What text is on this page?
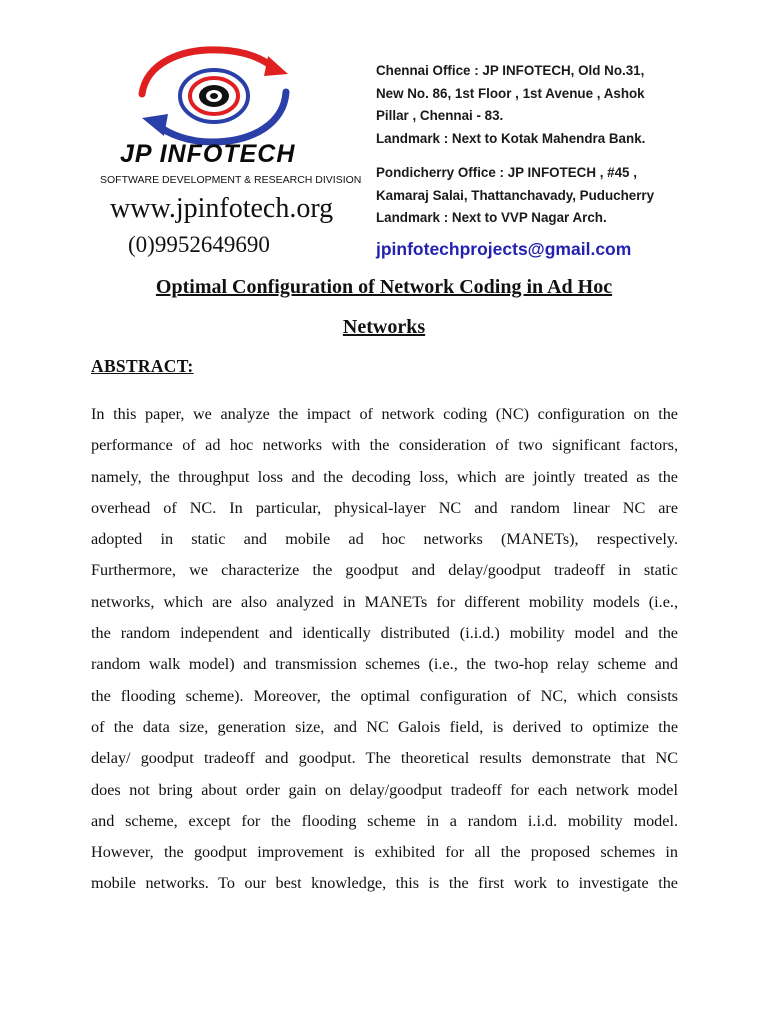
JP INFOTECH
SOFTWARE DEVELOPMENT & RESEARCH DIVISION
www.jpinfotech.org
(0)9952649690
Chennai Office : JP INFOTECH, Old No.31,
New No. 86, 1st Floor , 1st Avenue , Ashok
Pillar , Chennai - 83.
Landmark : Next to Kotak Mahendra Bank.
Pondicherry Office : JP INFOTECH , #45 ,
Kamaraj Salai, Thattanchavady, Puducherry
Landmark : Next to VVP Nagar Arch.
jpinfotechprojects@gmail.com
Optimal Configuration of Network Coding in Ad Hoc
Networks
ABSTRACT:
In this paper, we analyze the impact of network coding (NC) configuration on the
performance of ad hoc networks with the consideration of two significant factors,
namely, the throughput loss and the decoding loss, which are jointly treated as the
overhead of NC. In particular, physical-layer NC and random linear NC are
adopted in static and mobile ad hoc networks (MANETs), respectively.
Furthermore, we characterize the goodput and delay/goodput tradeoff in static
networks, which are also analyzed in MANETs for different mobility models (i.e.,
the random independent and identically distributed (i.i.d.) mobility model and the
random walk model) and transmission schemes (i.e., the two-hop relay scheme and
the flooding scheme). Moreover, the optimal configuration of NC, which consists
of the data size, generation size, and NC Galois field, is derived to optimize the
delay/ goodput tradeoff and goodput. The theoretical results demonstrate that NC
does not bring about order gain on delay/goodput tradeoff for each network model
and scheme, except for the flooding scheme in a random i.i.d. mobility model.
However, the goodput improvement is exhibited for all the proposed schemes in
mobile networks. To our best knowledge, this is the first work to investigate the
